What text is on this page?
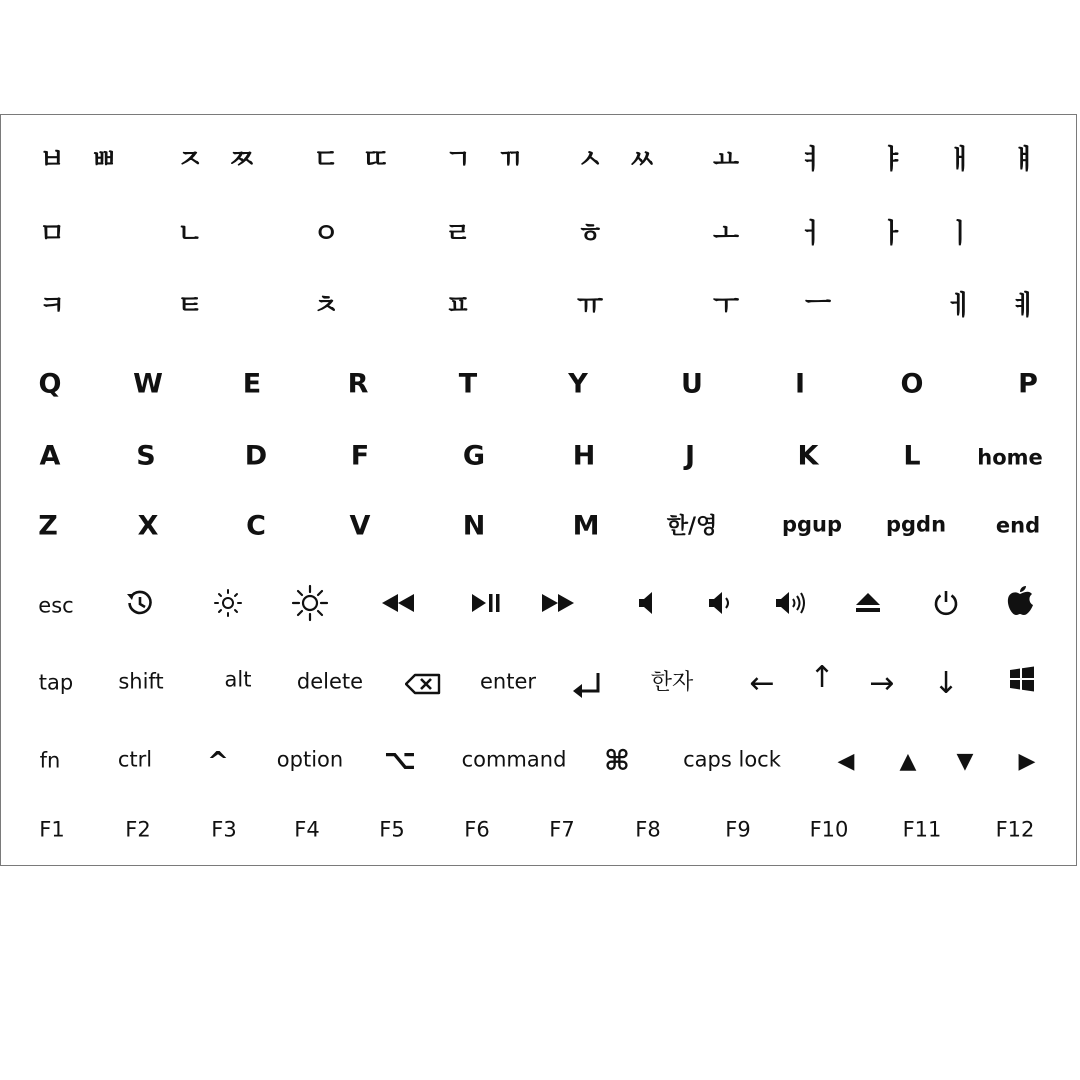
ㅂ ㅃ ㅈ ㅉ ㄷ ㄸ ㄱ ㄲ ㅅ ㅆ ㅛ ㅕ ㅑ ㅐ ㅒ
ㅁ	ㄴ	ㅇ	ㄹ	ㅎ	ㅗ ㅓ ㅏ ㅣ
ㅋ	ㅌ	ㅊ	ㅍ	ㅠ	ㅜ ㅡ	ㅔ ㅖ
Q	W	E	R	T	Y	U	I	O	P
A	S	D	F	G	H	J	K	L	home
Z	X	C	V	N	M	한/영	pgup pgdn end
esc
tap shift	alt delete	enter	한자 ← ↑ → ↓
fn	ctrl ^ option ⌥ command ⌘	caps lock	◀ ▲ ▼ ▶
F1	F2	F3	F4	F5	F6	F7	F8	F9	F10	F11	F12
